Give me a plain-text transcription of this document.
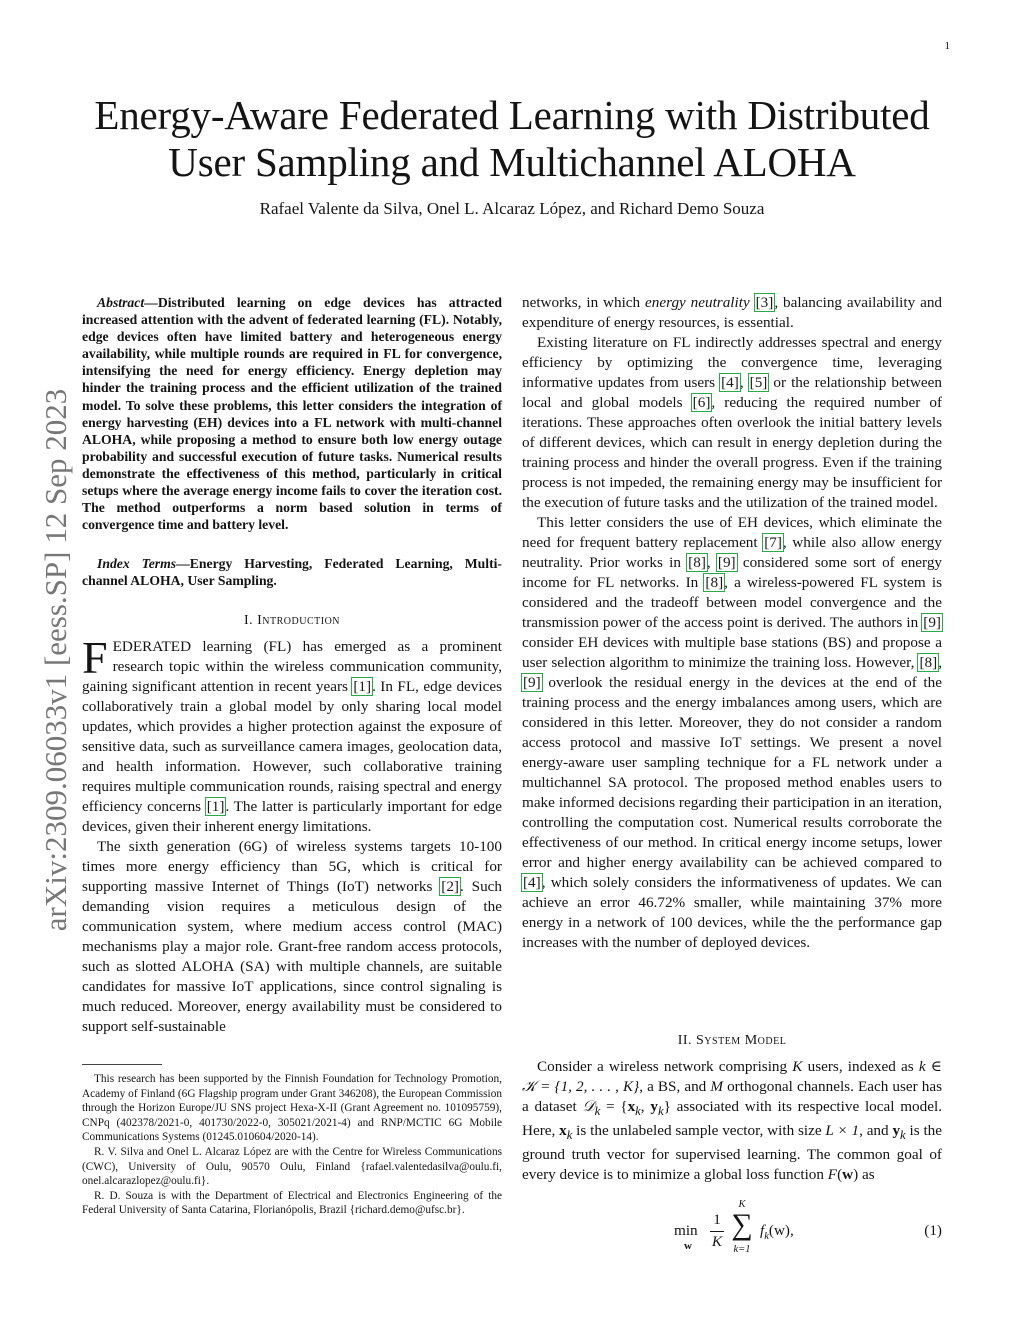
1
Energy-Aware Federated Learning with Distributed
User Sampling and Multichannel ALOHA
Rafael Valente da Silva, Onel L. Alcaraz López, and Richard Demo Souza
arXiv:2309.06033v1 [eess.SP] 12 Sep 2023

Abstract—Distributed learning on edge devices has attracted increased attention with the advent of federated learning (FL). Notably, edge devices often have limited battery and heterogeneous energy availability, while multiple rounds are required in FL for convergence, intensifying the need for energy efficiency. Energy depletion may hinder the training process and the efficient utilization of the trained model. To solve these problems, this letter considers the integration of energy harvesting (EH) devices into a FL network with multi-channel ALOHA, while proposing a method to ensure both low energy outage probability and successful execution of future tasks. Numerical results demonstrate the effectiveness of this method, particularly in critical setups where the average energy income fails to cover the iteration cost. The method outperforms a norm based solution in terms of convergence time and battery level.

Index Terms—Energy Harvesting, Federated Learning, Multi-channel ALOHA, User Sampling.

I. Introduction

FEDERATED learning (FL) has emerged as a prominent research topic within the wireless communication community, gaining significant attention in recent years [1]. In FL, edge devices collaboratively train a global model by only sharing local model updates, which provides a higher protection against the exposure of sensitive data, such as surveillance camera images, geolocation data, and health information. However, such collaborative training requires multiple communication rounds, raising spectral and energy efficiency concerns [1]. The latter is particularly important for edge devices, given their inherent energy limitations.

The sixth generation (6G) of wireless systems targets 10-100 times more energy efficiency than 5G, which is critical for supporting massive Internet of Things (IoT) networks [2]. Such demanding vision requires a meticulous design of the communication system, where medium access control (MAC) mechanisms play a major role. Grant-free random access protocols, such as slotted ALOHA (SA) with multiple channels, are suitable candidates for massive IoT applications, since control signaling is much reduced. Moreover, energy availability must be considered to support self-sustainable

This research has been supported by the Finnish Foundation for Technology Promotion, Academy of Finland (6G Flagship program under Grant 346208), the European Commission through the Horizon Europe/JU SNS project Hexa-X-II (Grant Agreement no. 101095759), CNPq (402378/2021-0, 401730/2022-0, 305021/2021-4) and RNP/MCTIC 6G Mobile Communications Systems (01245.010604/2020-14).

R. V. Silva and Onel L. Alcaraz López are with the Centre for Wireless Communications (CWC), University of Oulu, 90570 Oulu, Finland {rafael.valentedasilva@oulu.fi, onel.alcarazlopez@oulu.fi}.

R. D. Souza is with the Department of Electrical and Electronics Engineering of the Federal University of Santa Catarina, Florianópolis, Brazil {richard.demo@ufsc.br}.

networks, in which energy neutrality [3], balancing availability and expenditure of energy resources, is essential.

Existing literature on FL indirectly addresses spectral and energy efficiency by optimizing the convergence time, leveraging informative updates from users [4], [5] or the relationship between local and global models [6], reducing the required number of iterations. These approaches often overlook the initial battery levels of different devices, which can result in energy depletion during the training process and hinder the overall progress. Even if the training process is not impeded, the remaining energy may be insufficient for the execution of future tasks and the utilization of the trained model.

This letter considers the use of EH devices, which eliminate the need for frequent battery replacement [7], while also allow energy neutrality. Prior works in [8], [9] considered some sort of energy income for FL networks. In [8], a wireless-powered FL system is considered and the tradeoff between model convergence and the transmission power of the access point is derived. The authors in [9] consider EH devices with multiple base stations (BS) and propose a user selection algorithm to minimize the training loss. However, [8], [9] overlook the residual energy in the devices at the end of the training process and the energy imbalances among users, which are considered in this letter. Moreover, they do not consider a random access protocol and massive IoT settings. We present a novel energy-aware user sampling technique for a FL network under a multichannel SA protocol. The proposed method enables users to make informed decisions regarding their participation in an iteration, controlling the computation cost. Numerical results corroborate the effectiveness of our method. In critical energy income setups, lower error and higher energy availability can be achieved compared to [4], which solely considers the informativeness of updates. We can achieve an error 46.72% smaller, while maintaining 37% more energy in a network of 100 devices, while the the performance gap increases with the number of deployed devices.

II. System Model

Consider a wireless network comprising K users, indexed as k ∈ 𝒦 = {1, 2, . . . , K}, a BS, and M orthogonal channels. Each user has a dataset 𝒟$_k$ = {$x_k$, $y_k$} associated with its respective local model. Here, $x_k$ is the unlabeled sample vector, with size L × 1, and $y_k$ is the ground truth vector for supervised learning. The common goal of every device is to minimize a global loss function F(w) as

min
w
1
K
K
∑
k=1
$f_k(w)$,	(1)
